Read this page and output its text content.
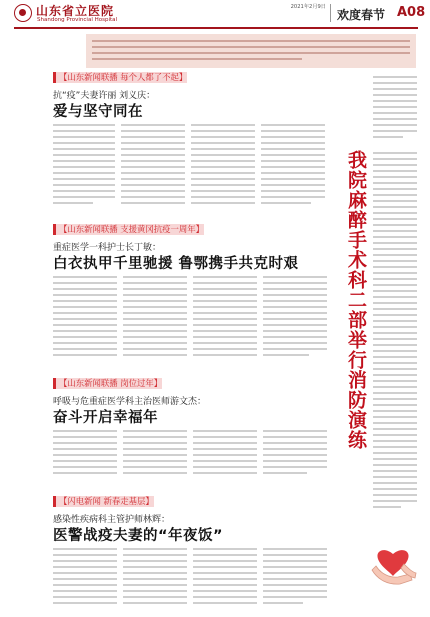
山东省立医院
Shandong Provincial Hospital
2021年2月9日
欢度春节 A08
【山东新闻联播 每个人都了不起】
抗“疫”夫妻许丽 刘义庆：
爱与坚守同在
【山东新闻联播 支援黄冈抗疫一周年】
重症医学一科护士长丁敏：
白衣执甲千里驰援 鲁鄂携手共克时艰
【山东新闻联播 岗位过年】
呼吸与危重症医学科主治医师游文杰：
奋斗开启幸福年
【闪电新闻 新春走基层】
感染性疾病科主管护师林辉：
医警战疫夫妻的“年夜饭”
我院麻醉手术科二部举行消防演练
